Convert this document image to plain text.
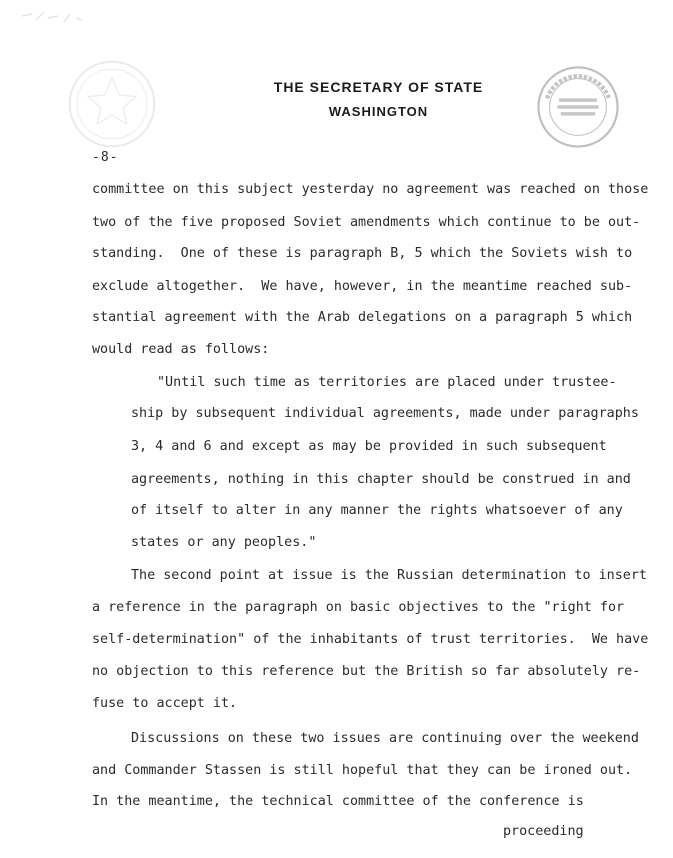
THE SECRETARY OF STATE
WASHINGTON
-8-
committee on this subject yesterday no agreement was reached on those
two of the five proposed Soviet amendments which continue to be out-
standing.  One of these is paragraph B, 5 which the Soviets wish to
exclude altogether.  We have, however, in the meantime reached sub-
stantial agreement with the Arab delegations on a paragraph 5 which
would read as follows:
"Until such time as territories are placed under trustee-
ship by subsequent individual agreements, made under paragraphs
3, 4 and 6 and except as may be provided in such subsequent
agreements, nothing in this chapter should be construed in and
of itself to alter in any manner the rights whatsoever of any
states or any peoples."
The second point at issue is the Russian determination to insert
a reference in the paragraph on basic objectives to the "right for
self-determination" of the inhabitants of trust territories.  We have
no objection to this reference but the British so far absolutely re-
fuse to accept it.
Discussions on these two issues are continuing over the weekend
and Commander Stassen is still hopeful that they can be ironed out.
In the meantime, the technical committee of the conference is
proceeding
